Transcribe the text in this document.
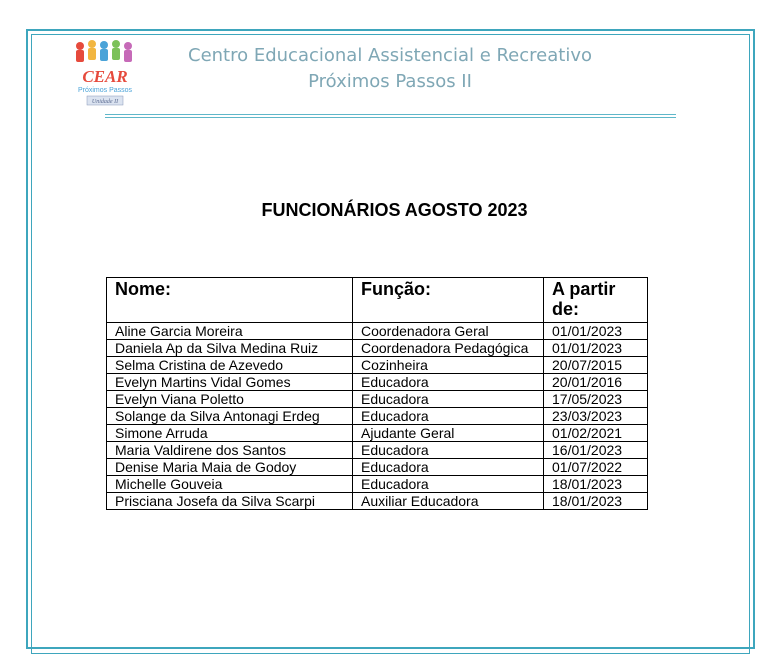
CEAR
Próximos Passos
Unidade II
Centro Educacional Assistencial e Recreativo
Próximos Passos II
FUNCIONÁRIOS AGOSTO 2023
Nome:	Função:	A partir de:
Aline Garcia Moreira	Coordenadora Geral	01/01/2023
Daniela Ap da Silva Medina Ruiz	Coordenadora Pedagógica	01/01/2023
Selma Cristina de Azevedo	Cozinheira	20/07/2015
Evelyn Martins Vidal Gomes	Educadora	20/01/2016
Evelyn Viana Poletto	Educadora	17/05/2023
Solange da Silva Antonagi Erdeg	Educadora	23/03/2023
Simone Arruda	Ajudante Geral	01/02/2021
Maria Valdirene dos Santos	Educadora	16/01/2023
Denise Maria Maia de Godoy	Educadora	01/07/2022
Michelle Gouveia	Educadora	18/01/2023
Prisciana Josefa da Silva Scarpi	Auxiliar Educadora	18/01/2023
